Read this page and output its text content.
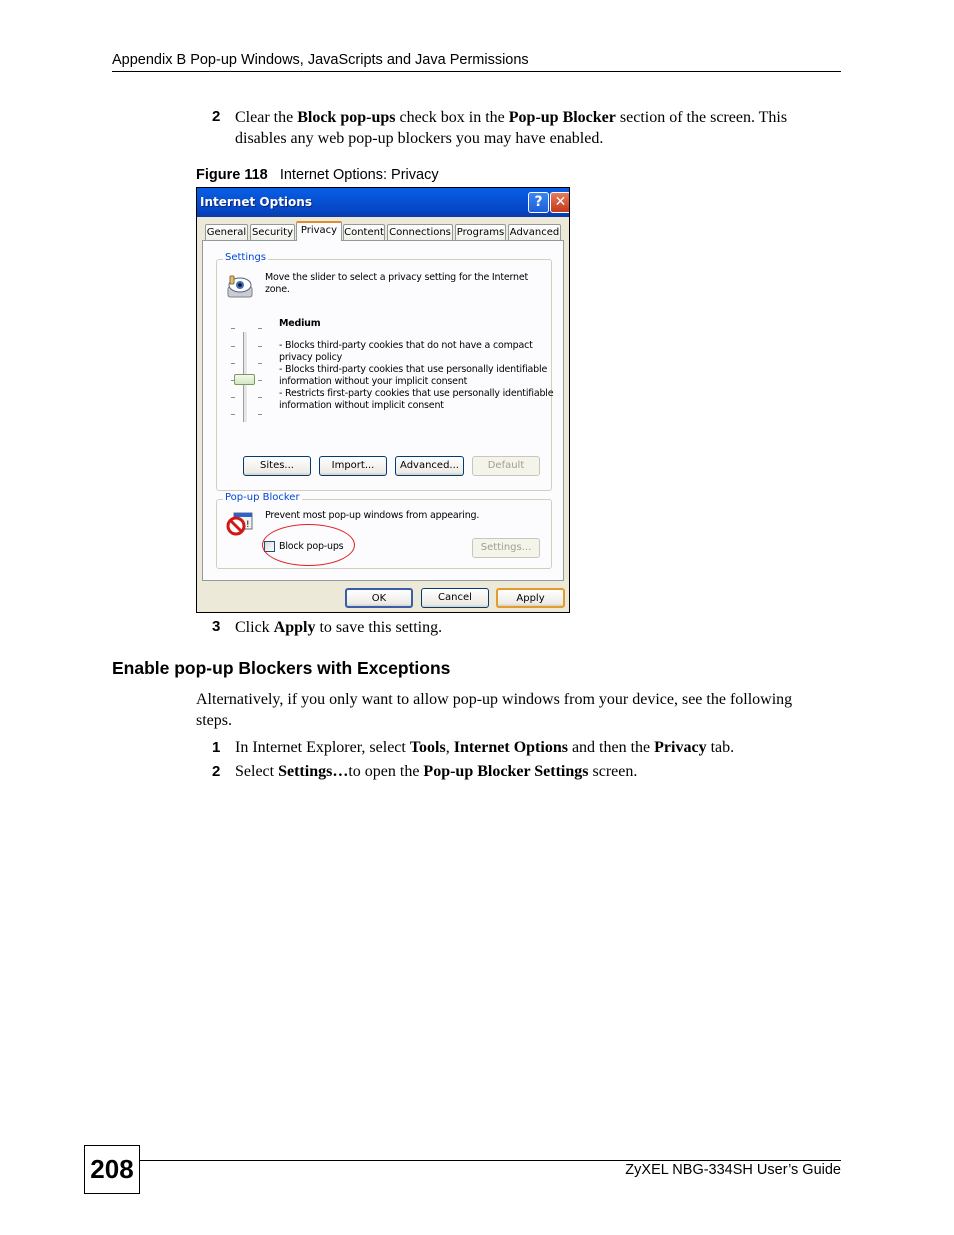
Appendix B Pop-up Windows, JavaScripts and Java Permissions
2 Clear the Block pop-ups check box in the Pop-up Blocker section of the screen. This
disables any web pop-up blockers you may have enabled.
Figure 118 Internet Options: Privacy
Internet Options	? ✕
General Security Privacy Content Connections Programs Advanced
Settings
Move the slider to select a privacy setting for the Internet
zone.
Medium
- Blocks third-party cookies that do not have a compact
privacy policy
- Blocks third-party cookies that use personally identifiable
information without your implicit consent
- Restricts first-party cookies that use personally identifiable
information without implicit consent
Sites...	Import...	Advanced...	Default
Pop-up Blocker
!
Prevent most pop-up windows from appearing.
Block pop-ups	Settings...
OK	Cancel	Apply
3 Click Apply to save this setting.
Enable pop-up Blockers with Exceptions
Alternatively, if you only want to allow pop-up windows from your device, see the following
steps.
1 In Internet Explorer, select Tools, Internet Options and then the Privacy tab.
2 Select Settings…to open the Pop-up Blocker Settings screen.
208	ZyXEL NBG-334SH User’s Guide
